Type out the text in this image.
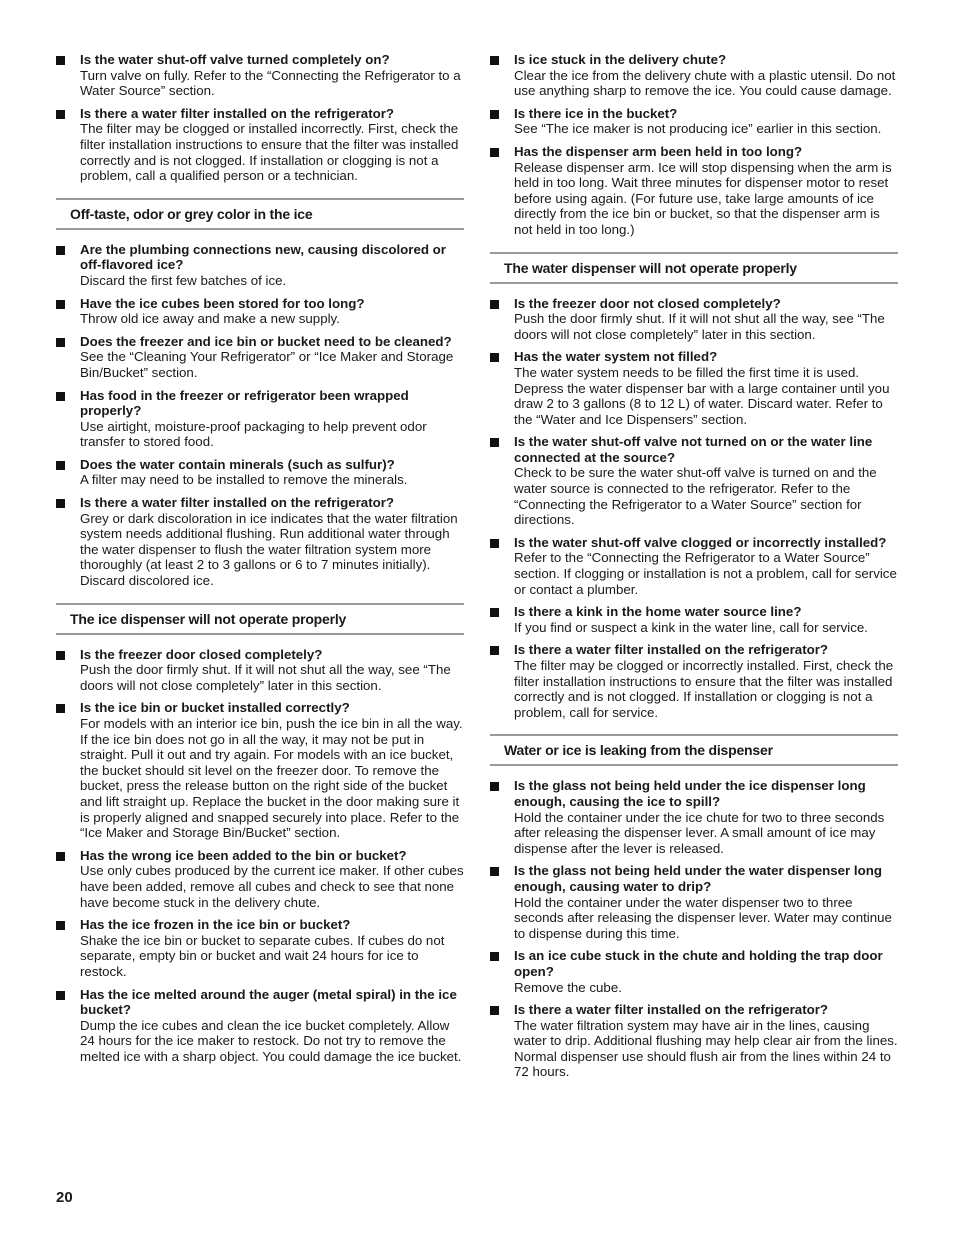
Is the water shut-off valve turned completely on?
Turn valve on fully. Refer to the “Connecting the Refrigerator to a Water Source” section.
Is there a water filter installed on the refrigerator?
The filter may be clogged or installed incorrectly. First, check the filter installation instructions to ensure that the filter was installed correctly and is not clogged. If installation or clogging is not a problem, call a qualified person or a technician.
Off-taste, odor or grey color in the ice
Are the plumbing connections new, causing discolored or off-flavored ice?
Discard the first few batches of ice.
Have the ice cubes been stored for too long?
Throw old ice away and make a new supply.
Does the freezer and ice bin or bucket need to be cleaned?
See the “Cleaning Your Refrigerator” or “Ice Maker and Storage Bin/Bucket” section.
Has food in the freezer or refrigerator been wrapped properly?
Use airtight, moisture-proof packaging to help prevent odor transfer to stored food.
Does the water contain minerals (such as sulfur)?
A filter may need to be installed to remove the minerals.
Is there a water filter installed on the refrigerator?
Grey or dark discoloration in ice indicates that the water filtration system needs additional flushing. Run additional water through the water dispenser to flush the water filtration system more thoroughly (at least 2 to 3 gallons or 6 to 7 minutes initially). Discard discolored ice.
The ice dispenser will not operate properly
Is the freezer door closed completely?
Push the door firmly shut. If it will not shut all the way, see “The doors will not close completely” later in this section.
Is the ice bin or bucket installed correctly?
For models with an interior ice bin, push the ice bin in all the way. If the ice bin does not go in all the way, it may not be put in straight. Pull it out and try again. For models with an ice bucket, the bucket should sit level on the freezer door. To remove the bucket, press the release button on the right side of the bucket and lift straight up. Replace the bucket in the door making sure it is properly aligned and snapped securely into place. Refer to the “Ice Maker and Storage Bin/Bucket” section.
Has the wrong ice been added to the bin or bucket?
Use only cubes produced by the current ice maker. If other cubes have been added, remove all cubes and check to see that none have become stuck in the delivery chute.
Has the ice frozen in the ice bin or bucket?
Shake the ice bin or bucket to separate cubes. If cubes do not separate, empty bin or bucket and wait 24 hours for ice to restock.
Has the ice melted around the auger (metal spiral) in the ice bucket?
Dump the ice cubes and clean the ice bucket completely. Allow 24 hours for the ice maker to restock. Do not try to remove the melted ice with a sharp object. You could damage the ice bucket.
Is ice stuck in the delivery chute?
Clear the ice from the delivery chute with a plastic utensil. Do not use anything sharp to remove the ice. You could cause damage.
Is there ice in the bucket?
See “The ice maker is not producing ice” earlier in this section.
Has the dispenser arm been held in too long?
Release dispenser arm. Ice will stop dispensing when the arm is held in too long. Wait three minutes for dispenser motor to reset before using again. (For future use, take large amounts of ice directly from the ice bin or bucket, so that the dispenser arm is not held in too long.)
The water dispenser will not operate properly
Is the freezer door not closed completely?
Push the door firmly shut. If it will not shut all the way, see “The doors will not close completely” later in this section.
Has the water system not filled?
The water system needs to be filled the first time it is used. Depress the water dispenser bar with a large container until you draw 2 to 3 gallons (8 to 12 L) of water. Discard water. Refer to the “Water and Ice Dispensers” section.
Is the water shut-off valve not turned on or the water line connected at the source?
Check to be sure the water shut-off valve is turned on and the water source is connected to the refrigerator. Refer to the “Connecting the Refrigerator to a Water Source” section for directions.
Is the water shut-off valve clogged or incorrectly installed?
Refer to the “Connecting the Refrigerator to a Water Source” section. If clogging or installation is not a problem, call for service or contact a plumber.
Is there a kink in the home water source line?
If you find or suspect a kink in the water line, call for service.
Is there a water filter installed on the refrigerator?
The filter may be clogged or incorrectly installed. First, check the filter installation instructions to ensure that the filter was installed correctly and is not clogged. If installation or clogging is not a problem, call for service.
Water or ice is leaking from the dispenser
Is the glass not being held under the ice dispenser long enough, causing the ice to spill?
Hold the container under the ice chute for two to three seconds after releasing the dispenser lever. A small amount of ice may dispense after the lever is released.
Is the glass not being held under the water dispenser long enough, causing water to drip?
Hold the container under the water dispenser two to three seconds after releasing the dispenser lever. Water may continue to dispense during this time.
Is an ice cube stuck in the chute and holding the trap door open?
Remove the cube.
Is there a water filter installed on the refrigerator?
The water filtration system may have air in the lines, causing water to drip. Additional flushing may help clear air from the lines. Normal dispenser use should flush air from the lines within 24 to 72 hours.
20
